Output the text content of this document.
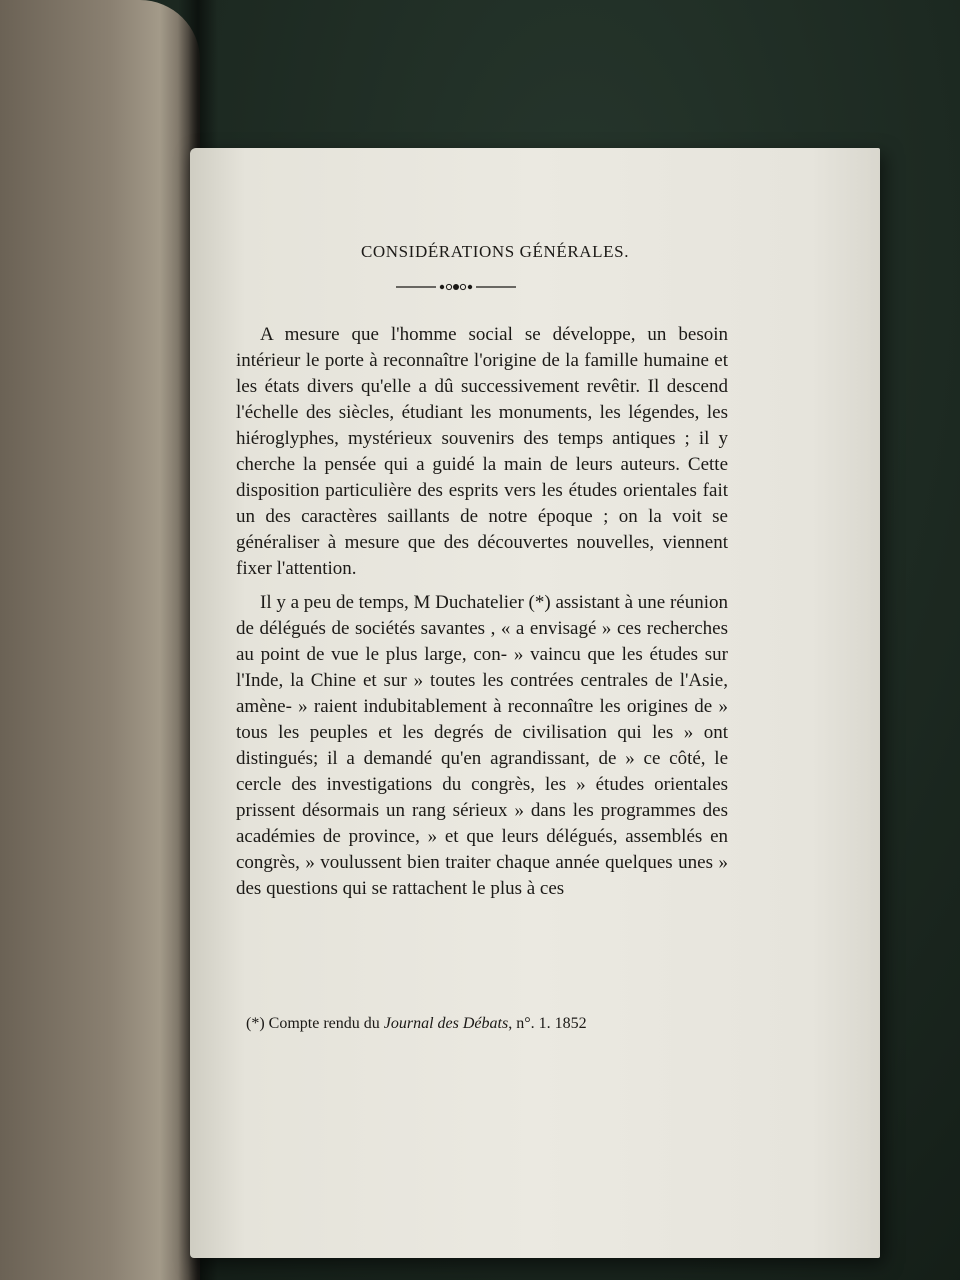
CONSIDÉRATIONS GÉNÉRALES.

A mesure que l'homme social se développe, un besoin intérieur le porte à reconnaître l'origine de la famille humaine et les états divers qu'elle a dû successivement revêtir. Il descend l'échelle des siècles, étudiant les monuments, les légendes, les hiéroglyphes, mystérieux souvenirs des temps antiques ; il y cherche la pensée qui a guidé la main de leurs auteurs. Cette disposition particulière des esprits vers les études orientales fait un des caractères saillants de notre époque ; on la voit se généraliser à mesure que des découvertes nouvelles, viennent fixer l'attention.

Il y a peu de temps, M Duchatelier (*) assistant à une réunion de délégués de sociétés savantes , « a envisagé » ces recherches au point de vue le plus large, con- » vaincu que les études sur l'Inde, la Chine et sur » toutes les contrées centrales de l'Asie, amène- » raient indubitablement à reconnaître les origines de » tous les peuples et les degrés de civilisation qui les » ont distingués; il a demandé qu'en agrandissant, de » ce côté, le cercle des investigations du congrès, les » études orientales prissent désormais un rang sérieux » dans les programmes des académies de province, » et que leurs délégués, assemblés en congrès, » voulussent bien traiter chaque année quelques unes » des questions qui se rattachent le plus à ces

(*) Compte rendu du Journal des Débats, n°. 1. 1852
